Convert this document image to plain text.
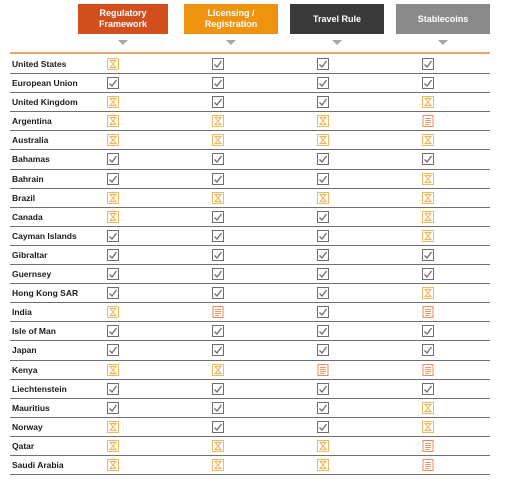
Regulatory
Framework
Licensing /
Registration
Travel Rule	Stablecoins
United States
European Union
United Kingdom
Argentina
Australia
Bahamas
Bahrain
Brazil
Canada
Cayman Islands
Gibraltar
Guernsey
Hong Kong SAR
India
Isle of Man
Japan
Kenya
Liechtenstein
Mauritius
Norway
Qatar
Saudi Arabia
